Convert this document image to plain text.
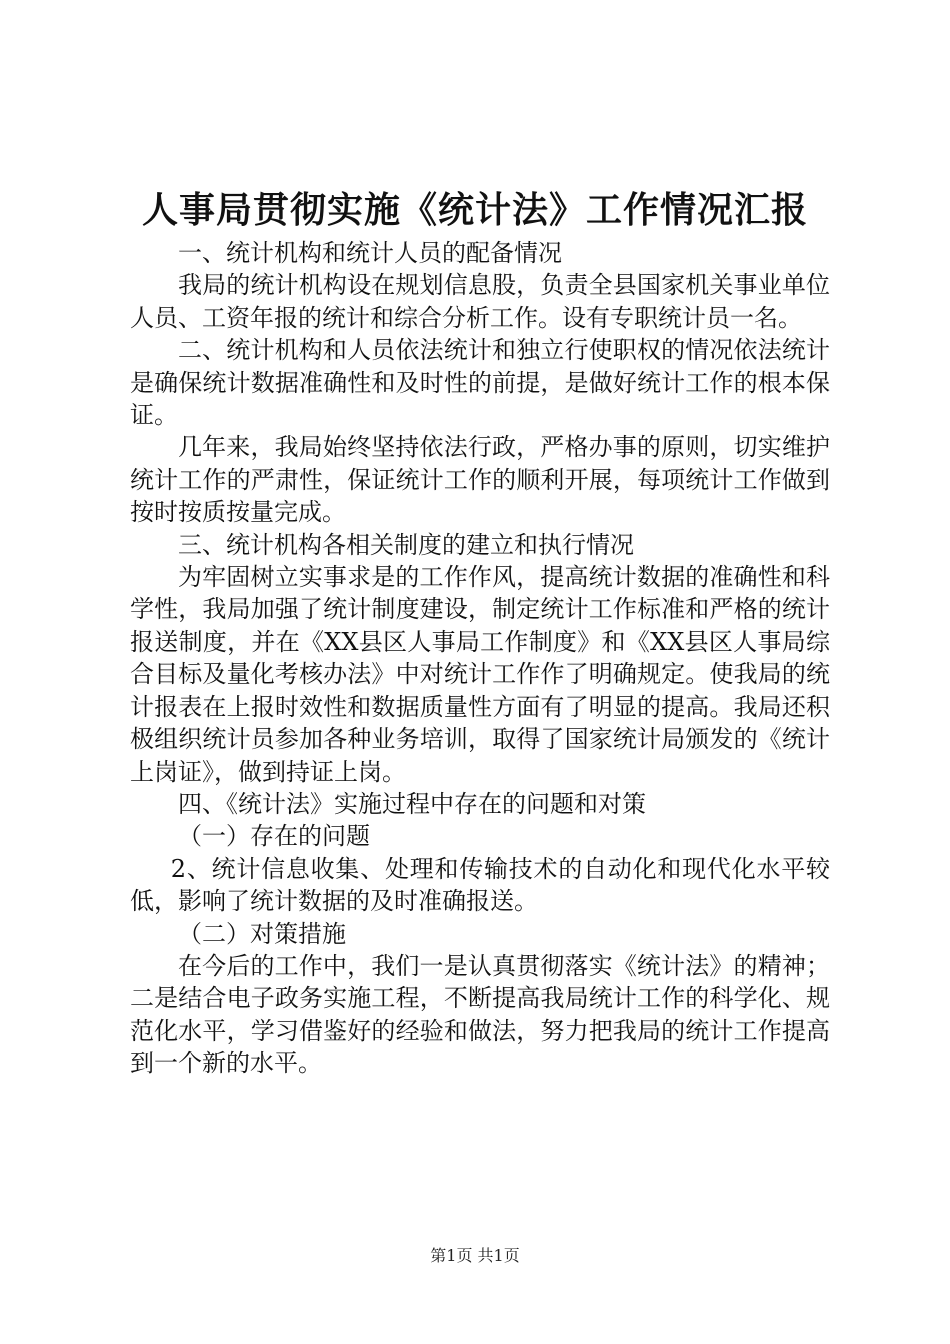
人事局贯彻实施《统计法》工作情况汇报

一、统计机构和统计人员的配备情况

我局的统计机构设在规划信息股，负责全县国家机关事业单位人员、工资年报的统计和综合分析工作。设有专职统计员一名。

二、统计机构和人员依法统计和独立行使职权的情况依法统计是确保统计数据准确性和及时性的前提，是做好统计工作的根本保证。

几年来，我局始终坚持依法行政，严格办事的原则，切实维护统计工作的严肃性，保证统计工作的顺利开展，每项统计工作做到按时按质按量完成。

三、统计机构各相关制度的建立和执行情况

为牢固树立实事求是的工作作风，提高统计数据的准确性和科学性，我局加强了统计制度建设，制定统计工作标准和严格的统计报送制度，并在《XX县区人事局工作制度》和《XX县区人事局综合目标及量化考核办法》中对统计工作作了明确规定。使我局的统计报表在上报时效性和数据质量性方面有了明显的提高。我局还积极组织统计员参加各种业务培训，取得了国家统计局颁发的《统计上岗证》，做到持证上岗。

四、《统计法》实施过程中存在的问题和对策

（一）存在的问题

2、统计信息收集、处理和传输技术的自动化和现代化水平较低，影响了统计数据的及时准确报送。

（二）对策措施

在今后的工作中，我们一是认真贯彻落实《统计法》的精神；二是结合电子政务实施工程，不断提高我局统计工作的科学化、规范化水平，学习借鉴好的经验和做法，努力把我局的统计工作提高到一个新的水平。

第1页 共1页
